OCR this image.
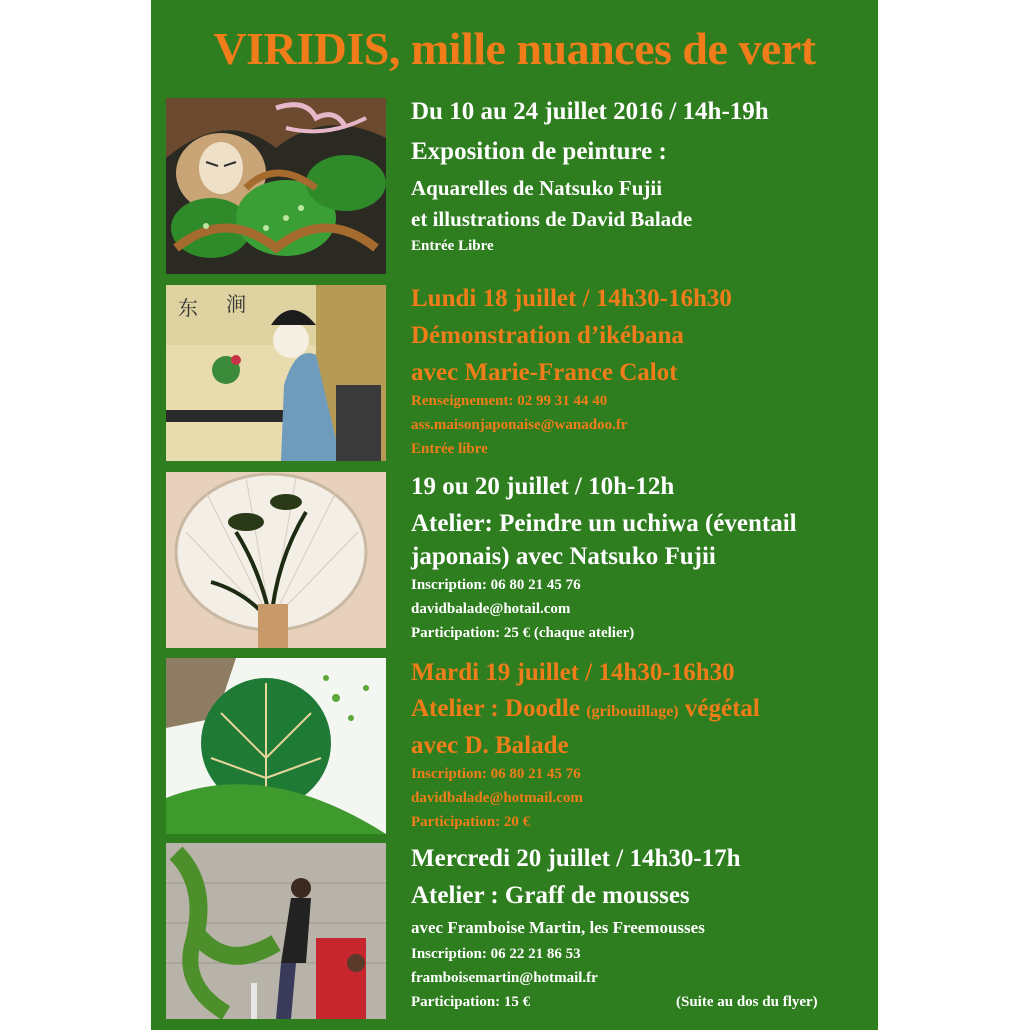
VIRIDIS, mille nuances de vert
东 涧
Du 10 au 24 juillet 2016 / 14h-19h
Exposition de peinture :
Aquarelles de Natsuko Fujii
et illustrations de David Balade
Entrée Libre
Lundi 18 juillet / 14h30-16h30
Démonstration d’ikébana
avec Marie-France Calot
Renseignement: 02 99 31 44 40
ass.maisonjaponaise@wanadoo.fr
Entrée libre
19 ou 20 juillet / 10h-12h
Atelier: Peindre un uchiwa (éventail
japonais) avec Natsuko Fujii
Inscription: 06 80 21 45 76
davidbalade@hotail.com
Participation: 25 € (chaque atelier)
Mardi 19 juillet / 14h30-16h30
Atelier : Doodle (gribouillage) végétal
avec D. Balade
Inscription: 06 80 21 45 76
davidbalade@hotmail.com
Participation: 20 €
Mercredi 20 juillet / 14h30-17h
Atelier : Graff de mousses
avec Framboise Martin, les Freemousses
Inscription: 06 22 21 86 53
framboisemartin@hotmail.fr
Participation: 15 €	(Suite au dos du flyer)
